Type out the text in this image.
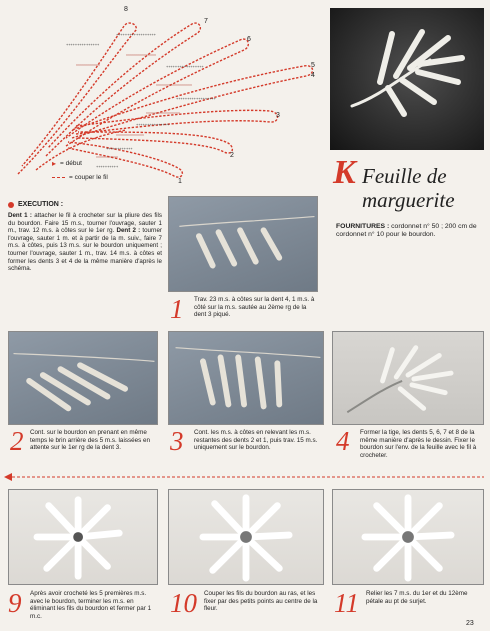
xxxxxxxxxxxx
xxxxxxxxxxxxxxx
xxxxxxxxxxxxxxxxxx
xxxxxxxxxxxxxxxxx
xxxxxxxxxxxxxx
xxxxxxxxxxx
+++++++++++++++
++++++++++++++++++
+++++++++++++++++
++++++++++++++++++
+++++++++++++++
++++++++++++
++++++++++
8
7
6
5
4
3
2
1
▸ = début
= couper le fil	K Feuille de marguerite
FOURNITURES : cordonnet n° 50 ; 200 cm de cordonnet n° 10 pour le bourdon.
EXECUTION :
Dent 1 : attacher le fil à crocheter sur la pliure des fils du bourdon. Faire 15 m.s., tourner l'ouvrage, sauter 1 m., trav. 12 m.s. à côtes sur le 1er rg. Dent 2 : tourner l'ouvrage, sauter 1 m. et à partir de la m. suiv., faire 7 m.s. à côtes, puis 13 m.s. sur le bourdon uniquement ; tourner l'ouvrage, sauter 1 m., trav. 14 m.s. à côtes et former les dents 3 et 4 de la même manière d'après le schéma.
1 Trav. 23 m.s. à côtes sur la dent 4, 1 m.s. à côté sur la m.s. sautée au 2ème rg de la dent 3 piqué.
2 Cont. sur le bourdon en prenant en même temps le brin arrière des 5 m.s. laissées en attente sur le 1er rg de la dent 3.	3 Cont. les m.s. à côtes en relevant les m.s. restantes des dents 2 et 1, puis trav. 15 m.s. uniquement sur le bourdon.	4 Former la tige, les dents 5, 6, 7 et 8 de la même manière d'après le dessin. Fixer le bourdon sur l'env. de la feuille avec le fil à crocheter.
9 Après avoir crocheté les 5 premières m.s. avec le bourdon, terminer les m.s. en éliminant les fils du bourdon et fermer par 1 m.c.	10 Couper les fils du bourdon au ras, et les fixer par des petits points au centre de la fleur.	11 Relier les 7 m.s. du 1er et du 12ème pétale au pt de surjet.
23
